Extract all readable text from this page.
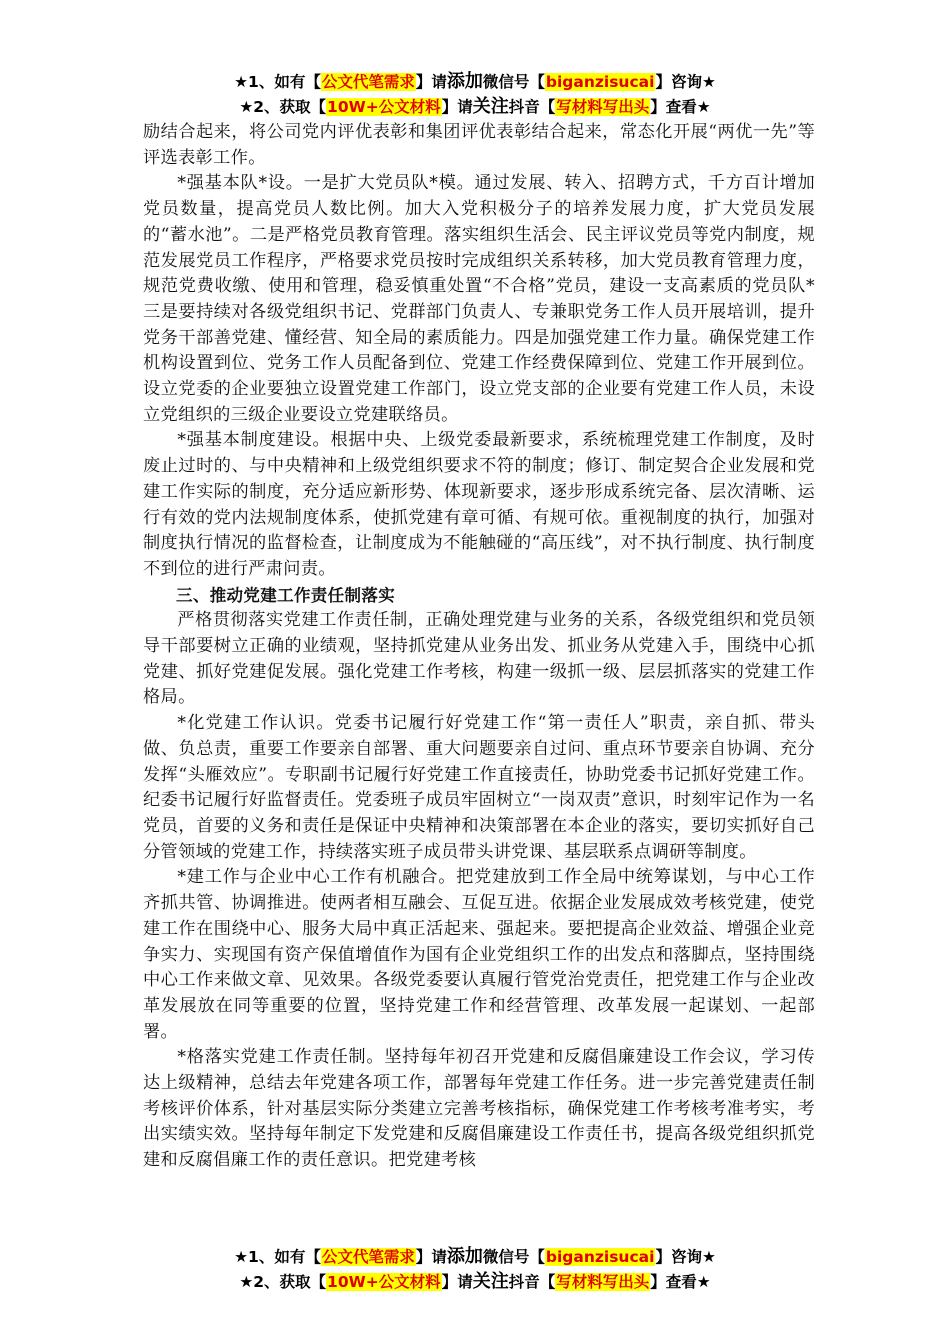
★1、如有【公文代笔需求】请添加微信号【biganzisucai】咨询★
★2、获取【10W+公文材料】请关注抖音【写材料写出头】查看★

励结合起来，将公司党内评优表彰和集团评优表彰结合起来，常态化开展“两优一先”等评选表彰工作。

*强基本队*设。一是扩大党员队*模。通过发展、转入、招聘方式，千方百计增加党员数量，提高党员人数比例。加大入党积极分子的培养发展力度，扩大党员发展的“蓄水池”。二是严格党员教育管理。落实组织生活会、民主评议党员等党内制度，规范发展党员工作程序，严格要求党员按时完成组织关系转移，加大党员教育管理力度，规范党费收缴、使用和管理，稳妥慎重处置“不合格”党员，建设一支高素质的党员队*三是要持续对各级党组织书记、党群部门负责人、专兼职党务工作人员开展培训，提升党务干部善党建、懂经营、知全局的素质能力。四是加强党建工作力量。确保党建工作机构设置到位、党务工作人员配备到位、党建工作经费保障到位、党建工作开展到位。设立党委的企业要独立设置党建工作部门，设立党支部的企业要有党建工作人员，未设立党组织的三级企业要设立党建联络员。

*强基本制度建设。根据中央、上级党委最新要求，系统梳理党建工作制度，及时废止过时的、与中央精神和上级党组织要求不符的制度；修订、制定契合企业发展和党建工作实际的制度，充分适应新形势、体现新要求，逐步形成系统完备、层次清晰、运行有效的党内法规制度体系，使抓党建有章可循、有规可依。重视制度的执行，加强对制度执行情况的监督检查，让制度成为不能触碰的“高压线”，对不执行制度、执行制度不到位的进行严肃问责。

三、推动党建工作责任制落实

严格贯彻落实党建工作责任制，正确处理党建与业务的关系，各级党组织和党员领导干部要树立正确的业绩观，坚持抓党建从业务出发、抓业务从党建入手，围绕中心抓党建、抓好党建促发展。强化党建工作考核，构建一级抓一级、层层抓落实的党建工作格局。

*化党建工作认识。党委书记履行好党建工作“第一责任人”职责，亲自抓、带头做、负总责，重要工作要亲自部署、重大问题要亲自过问、重点环节要亲自协调、充分发挥“头雁效应”。专职副书记履行好党建工作直接责任，协助党委书记抓好党建工作。纪委书记履行好监督责任。党委班子成员牢固树立“一岗双责”意识，时刻牢记作为一名党员，首要的义务和责任是保证中央精神和决策部署在本企业的落实，要切实抓好自己分管领域的党建工作，持续落实班子成员带头讲党课、基层联系点调研等制度。

*建工作与企业中心工作有机融合。把党建放到工作全局中统筹谋划，与中心工作齐抓共管、协调推进。使两者相互融会、互促互进。依据企业发展成效考核党建，使党建工作在围绕中心、服务大局中真正活起来、强起来。要把提高企业效益、增强企业竞争实力、实现国有资产保值增值作为国有企业党组织工作的出发点和落脚点，坚持围绕中心工作来做文章、见效果。各级党委要认真履行管党治党责任，把党建工作与企业改革发展放在同等重要的位置，坚持党建工作和经营管理、改革发展一起谋划、一起部署。

*格落实党建工作责任制。坚持每年初召开党建和反腐倡廉建设工作会议，学习传达上级精神，总结去年党建各项工作，部署每年党建工作任务。进一步完善党建责任制考核评价体系，针对基层实际分类建立完善考核指标，确保党建工作考核考准考实，考出实绩实效。坚持每年制定下发党建和反腐倡廉建设工作责任书，提高各级党组织抓党建和反腐倡廉工作的责任意识。把党建考核

★1、如有【公文代笔需求】请添加微信号【biganzisucai】咨询★
★2、获取【10W+公文材料】请关注抖音【写材料写出头】查看★
